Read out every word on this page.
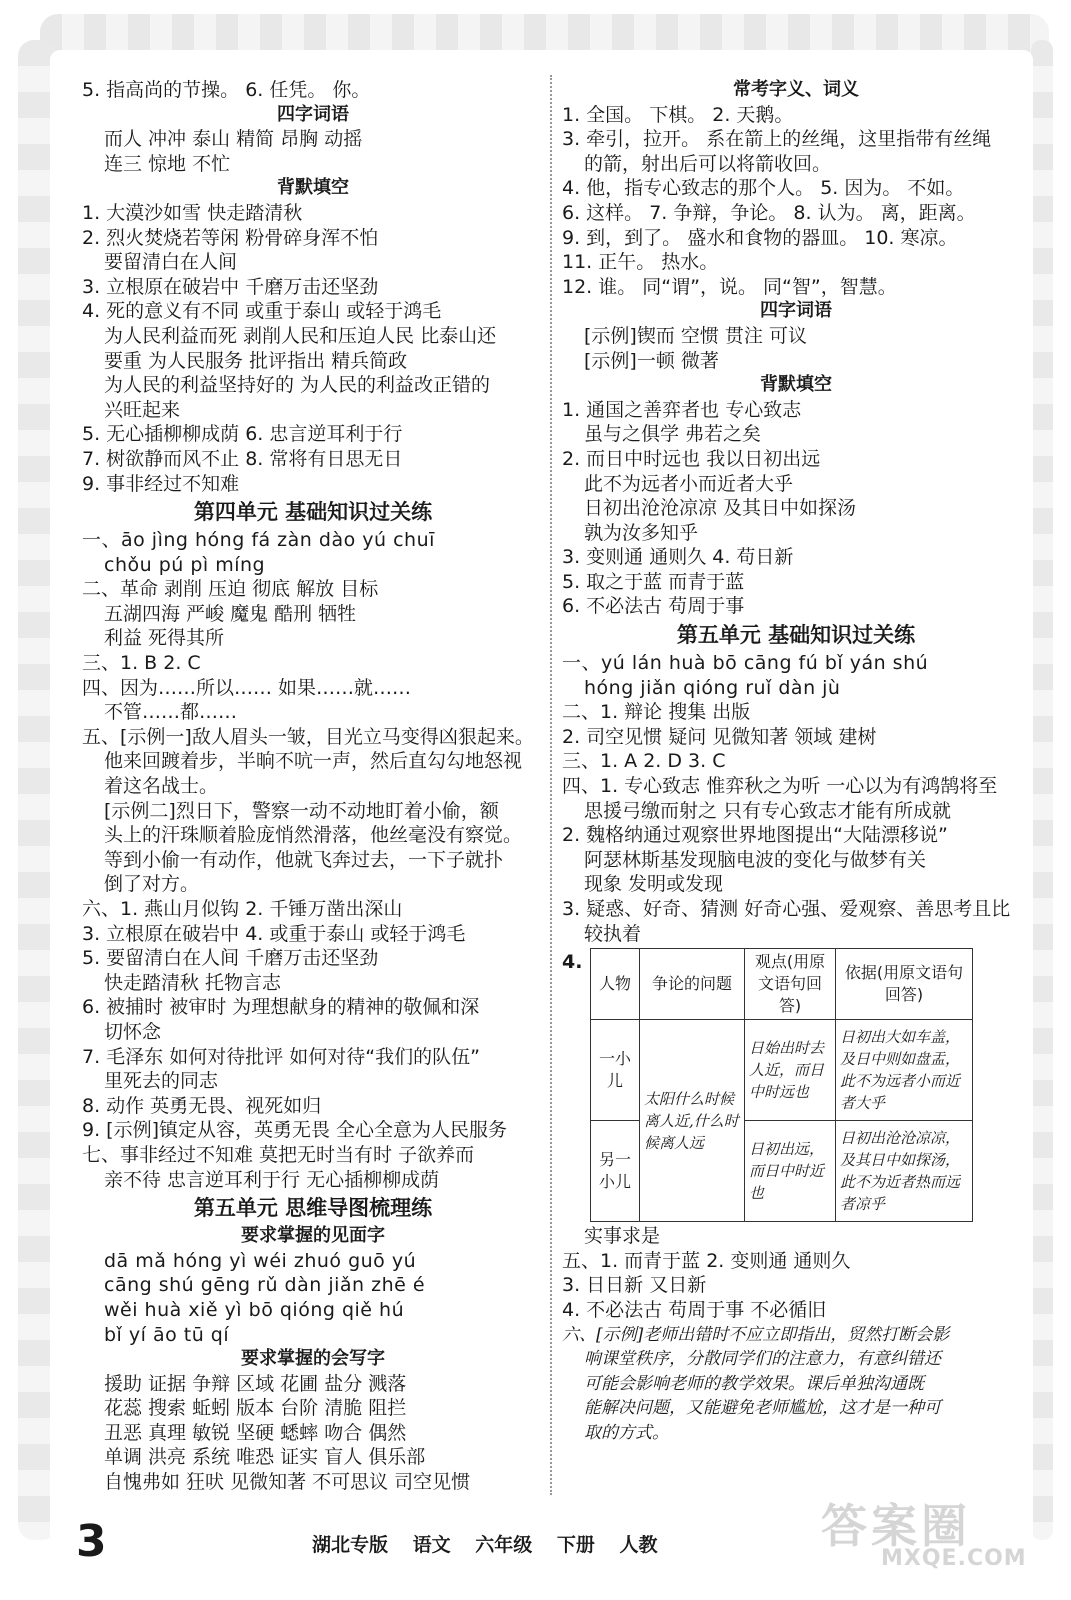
5. 指高尚的节操。 6. 任凭。 你。
四字词语
而人 冲冲 泰山 精简 昂胸 动摇
连三 惊地 不忙
背默填空
1. 大漠沙如雪 快走踏清秋
2. 烈火焚烧若等闲 粉骨碎身浑不怕
要留清白在人间
3. 立根原在破岩中 千磨万击还坚劲
4. 死的意义有不同 或重于泰山 或轻于鸿毛
为人民利益而死 剥削人民和压迫人民 比泰山还
要重 为人民服务 批评指出 精兵简政
为人民的利益坚持好的 为人民的利益改正错的
兴旺起来
5. 无心插柳柳成荫 6. 忠言逆耳利于行
7. 树欲静而风不止 8. 常将有日思无日
9. 事非经过不知难
第四单元 基础知识过关练
一、āo jìng hóng fá zàn dào yú chuī
chǒu pú pì míng
二、革命 剥削 压迫 彻底 解放 目标
五湖四海 严峻 魔鬼 酷刑 牺牲
利益 死得其所
三、1. B 2. C
四、因为……所以…… 如果……就……
不管……都……
五、[示例一]敌人眉头一皱，目光立马变得凶狠起来。
他来回踱着步，半晌不吭一声，然后直勾勾地怒视
着这名战士。
[示例二]烈日下，警察一动不动地盯着小偷，额
头上的汗珠顺着脸庞悄然滑落，他丝毫没有察觉。
等到小偷一有动作，他就飞奔过去，一下子就扑
倒了对方。
六、1. 燕山月似钩 2. 千锤万凿出深山
3. 立根原在破岩中 4. 或重于泰山 或轻于鸿毛
5. 要留清白在人间 千磨万击还坚劲
快走踏清秋 托物言志
6. 被捕时 被审时 为理想献身的精神的敬佩和深
切怀念
7. 毛泽东 如何对待批评 如何对待“我们的队伍”
里死去的同志
8. 动作 英勇无畏、视死如归
9. [示例]镇定从容，英勇无畏 全心全意为人民服务
七、事非经过不知难 莫把无时当有时 子欲养而
亲不待 忠言逆耳利于行 无心插柳柳成荫
第五单元 思维导图梳理练
要求掌握的见面字
dā mǎ hóng yì wéi zhuó guō yú
cāng shú gēng rǔ dàn jiǎn zhē é
wěi huà xiě yì bō qióng qiě hú
bǐ yí āo tū qí
要求掌握的会写字
援助 证据 争辩 区域 花圃 盐分 溅落
花蕊 搜索 蚯蚓 版本 台阶 清脆 阻拦
丑恶 真理 敏锐 坚硬 蟋蟀 吻合 偶然
单调 洪亮 系统 唯恐 证实 盲人 俱乐部
自愧弗如 狂吠 见微知著 不可思议 司空见惯
常考字义、词义
1. 全国。 下棋。 2. 天鹅。
3. 牵引，拉开。 系在箭上的丝绳，这里指带有丝绳
的箭，射出后可以将箭收回。
4. 他，指专心致志的那个人。 5. 因为。 不如。
6. 这样。 7. 争辩，争论。 8. 认为。 离，距离。
9. 到，到了。 盛水和食物的器皿。 10. 寒凉。
11. 正午。 热水。
12. 谁。 同“谓”，说。 同“智”，智慧。
四字词语
[示例]锲而 空惯 贯注 可议
[示例]一顿 微著
背默填空
1. 通国之善弈者也 专心致志
虽与之俱学 弗若之矣
2. 而日中时远也 我以日初出远
此不为远者小而近者大乎
日初出沧沧凉凉 及其日中如探汤
孰为汝多知乎
3. 变则通 通则久 4. 苟日新
5. 取之于蓝 而青于蓝
6. 不必法古 苟周于事
第五单元 基础知识过关练
一、yú lán huà bō cāng fú bǐ yán shú
hóng jiǎn qióng ruǐ dàn jù
二、1. 辩论 搜集 出版
2. 司空见惯 疑问 见微知著 领域 建树
三、1. A 2. D 3. C
四、1. 专心致志 惟弈秋之为听 一心以为有鸿鹄将至
思援弓缴而射之 只有专心致志才能有所成就
2. 魏格纳通过观察世界地图提出“大陆漂移说”
阿瑟林斯基发现脑电波的变化与做梦有关
现象 发明或发现
3. 疑惑、好奇、猜测 好奇心强、爱观察、善思考且比
较执着
4.
人物	争论的问题	观点(用原文语句回答)	依据(用原文语句回答)
一小儿	太阳什么时候离人近,什么时候离人远	日始出时去人近，而日中时远也	日初出大如车盖，及日中则如盘盂，此不为远者小而近者大乎
另一小儿		日初出远，而日中时近也	日初出沧沧凉凉，及其日中如探汤，此不为近者热而远者凉乎
实事求是
五、1. 而青于蓝 2. 变则通 通则久
3. 日日新 又日新
4. 不必法古 苟周于事 不必循旧
六、[示例]老师出错时不应立即指出，贸然打断会影
响课堂秩序，分散同学们的注意力，有意纠错还
可能会影响老师的教学效果。课后单独沟通既
能解决问题，又能避免老师尴尬，这才是一种可
取的方式。
3	湖北专版 语文 六年级 下册 人教	答案圈
MXQE.COM
